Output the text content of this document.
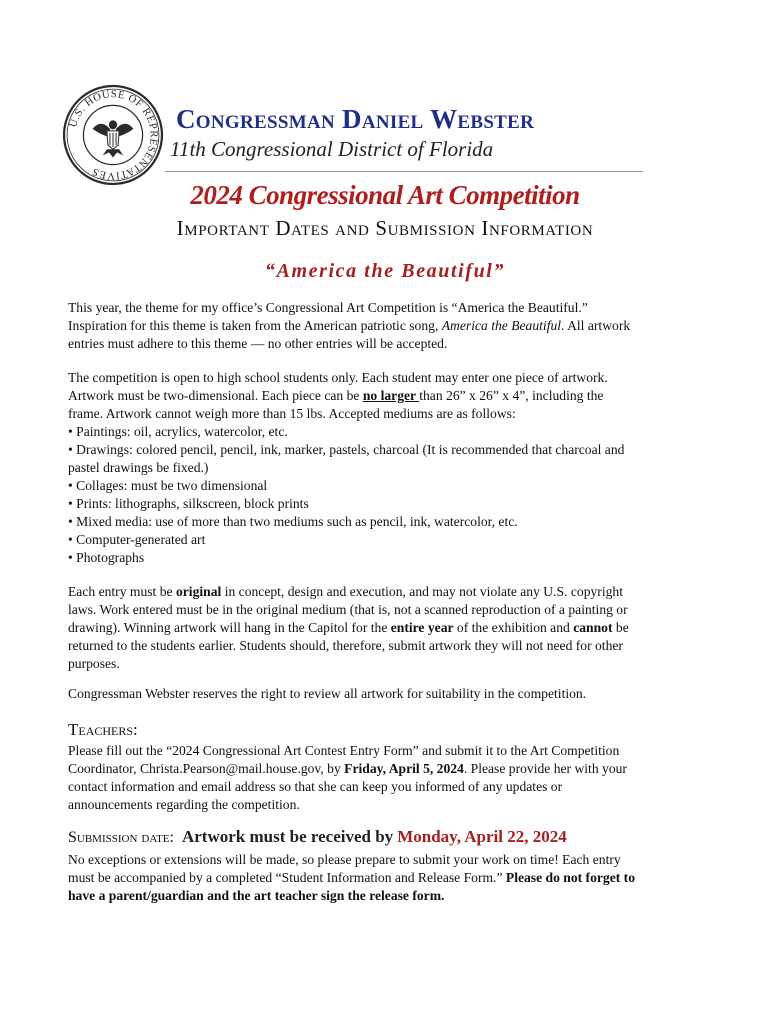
U.S. HOUSE OF REPRESENTATIVES
Congressman Daniel Webster
11th Congressional District of Florida
2024 Congressional Art Competition
Important Dates and Submission Information
“America the Beautiful”

This year, the theme for my office’s Congressional Art Competition is “America the Beautiful.”

Inspiration for this theme is taken from the American patriotic song, America the Beautiful. All artwork

entries must adhere to this theme — no other entries will be accepted.

The competition is open to high school students only. Each student may enter one piece of artwork.

Artwork must be two-dimensional. Each piece can be no larger than 26” x 26” x 4”, including the

frame. Artwork cannot weigh more than 15 lbs. Accepted mediums are as follows:

• Paintings: oil, acrylics, watercolor, etc.

• Drawings: colored pencil, pencil, ink, marker, pastels, charcoal (It is recommended that charcoal and

pastel drawings be fixed.)

• Collages: must be two dimensional

• Prints: lithographs, silkscreen, block prints

• Mixed media: use of more than two mediums such as pencil, ink, watercolor, etc.

• Computer-generated art

• Photographs

Each entry must be original in concept, design and execution, and may not violate any U.S. copyright

laws. Work entered must be in the original medium (that is, not a scanned reproduction of a painting or

drawing). Winning artwork will hang in the Capitol for the entire year of the exhibition and cannot be

returned to the students earlier. Students should, therefore, submit artwork they will not need for other

purposes.

Congressman Webster reserves the right to review all artwork for suitability in the competition.

Teachers:

Please fill out the “2024 Congressional Art Contest Entry Form” and submit it to the Art Competition

Coordinator, Christa.Pearson@mail.house.gov, by Friday, April 5, 2024. Please provide her with your

contact information and email address so that she can keep you informed of any updates or

announcements regarding the competition.

Submission date: Artwork must be received by Monday, April 22, 2024

No exceptions or extensions will be made, so please prepare to submit your work on time! Each entry

must be accompanied by a completed “Student Information and Release Form.” Please do not forget to

have a parent/guardian and the art teacher sign the release form.
